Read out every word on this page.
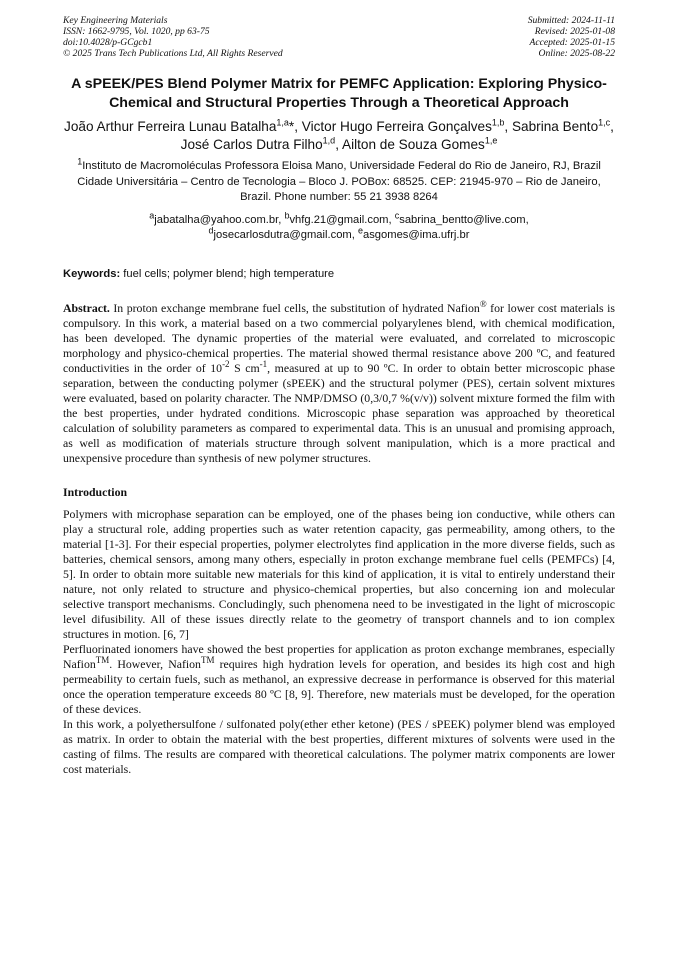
Key Engineering Materials
ISSN: 1662-9795, Vol. 1020, pp 63-75
doi:10.4028/p-GCgcb1
© 2025 Trans Tech Publications Ltd, All Rights Reserved
Submitted: 2024-11-11
Revised: 2025-01-08
Accepted: 2025-01-15
Online: 2025-08-22
A sPEEK/PES Blend Polymer Matrix for PEMFC Application: Exploring Physico-Chemical and Structural Properties Through a Theoretical Approach
João Arthur Ferreira Lunau Batalha$^{1,a}$*, Victor Hugo Ferreira Gonçalves$^{1,b}$, Sabrina Bento$^{1,c}$, José Carlos Dutra Filho$^{1,d}$, Ailton de Souza Gomes$^{1,e}$
$^1$Instituto de Macromoléculas Professora Eloisa Mano, Universidade Federal do Rio de Janeiro, RJ, Brazil Cidade Universitária – Centro de Tecnologia – Bloco J. POBox: 68525. CEP: 21945-970 – Rio de Janeiro, Brazil. Phone number: 55 21 3938 8264
$^a$jabatalha@yahoo.com.br, $^b$vhfg.21@gmail.com, $^c$sabrina_bentto@live.com,
$^d$josecarlosdutra@gmail.com, $^e$asgomes@ima.ufrj.br
Keywords: fuel cells; polymer blend; high temperature
Abstract. In proton exchange membrane fuel cells, the substitution of hydrated Nafion® for lower cost materials is compulsory. In this work, a material based on a two commercial polyarylenes blend, with chemical modification, has been developed. The dynamic properties of the material were evaluated, and correlated to microscopic morphology and physico-chemical properties. The material showed thermal resistance above 200 ºC, and featured conductivities in the order of $10^{-2}$ S $cm^{-1}$, measured at up to 90 ºC. In order to obtain better microscopic phase separation, between the conducting polymer (sPEEK) and the structural polymer (PES), certain solvent mixtures were evaluated, based on polarity character. The NMP/DMSO (0,3/0,7 %(v/v)) solvent mixture formed the film with the best properties, under hydrated conditions. Microscopic phase separation was approached by theoretical calculation of solubility parameters as compared to experimental data. This is an unusual and promising approach, as well as modification of materials structure through solvent manipulation, which is a more practical and unexpensive procedure than synthesis of new polymer structures.
Introduction
Polymers with microphase separation can be employed, one of the phases being ion conductive, while others can play a structural role, adding properties such as water retention capacity, gas permeability, among others, to the material [1-3]. For their especial properties, polymer electrolytes find application in the more diverse fields, such as batteries, chemical sensors, among many others, especially in proton exchange membrane fuel cells (PEMFCs) [4, 5]. In order to obtain more suitable new materials for this kind of application, it is vital to entirely understand their nature, not only related to structure and physico-chemical properties, but also concerning ion and molecular selective transport mechanisms. Concludingly, such phenomena need to be investigated in the light of microscopic level difusibility. All of these issues directly relate to the geometry of transport channels and to ion complex structures in motion. [6, 7]
Perfluorinated ionomers have showed the best properties for application as proton exchange membranes, especially Nafion™. However, Nafion™ requires high hydration levels for operation, and besides its high cost and high permeability to certain fuels, such as methanol, an expressive decrease in performance is observed for this material once the operation temperature exceeds 80 ºC [8, 9]. Therefore, new materials must be developed, for the operation of these devices.
In this work, a polyethersulfone / sulfonated poly(ether ether ketone) (PES / sPEEK) polymer blend was employed as matrix. In order to obtain the material with the best properties, different mixtures of solvents were used in the casting of films. The results are compared with theoretical calculations. The polymer matrix components are lower cost materials.
